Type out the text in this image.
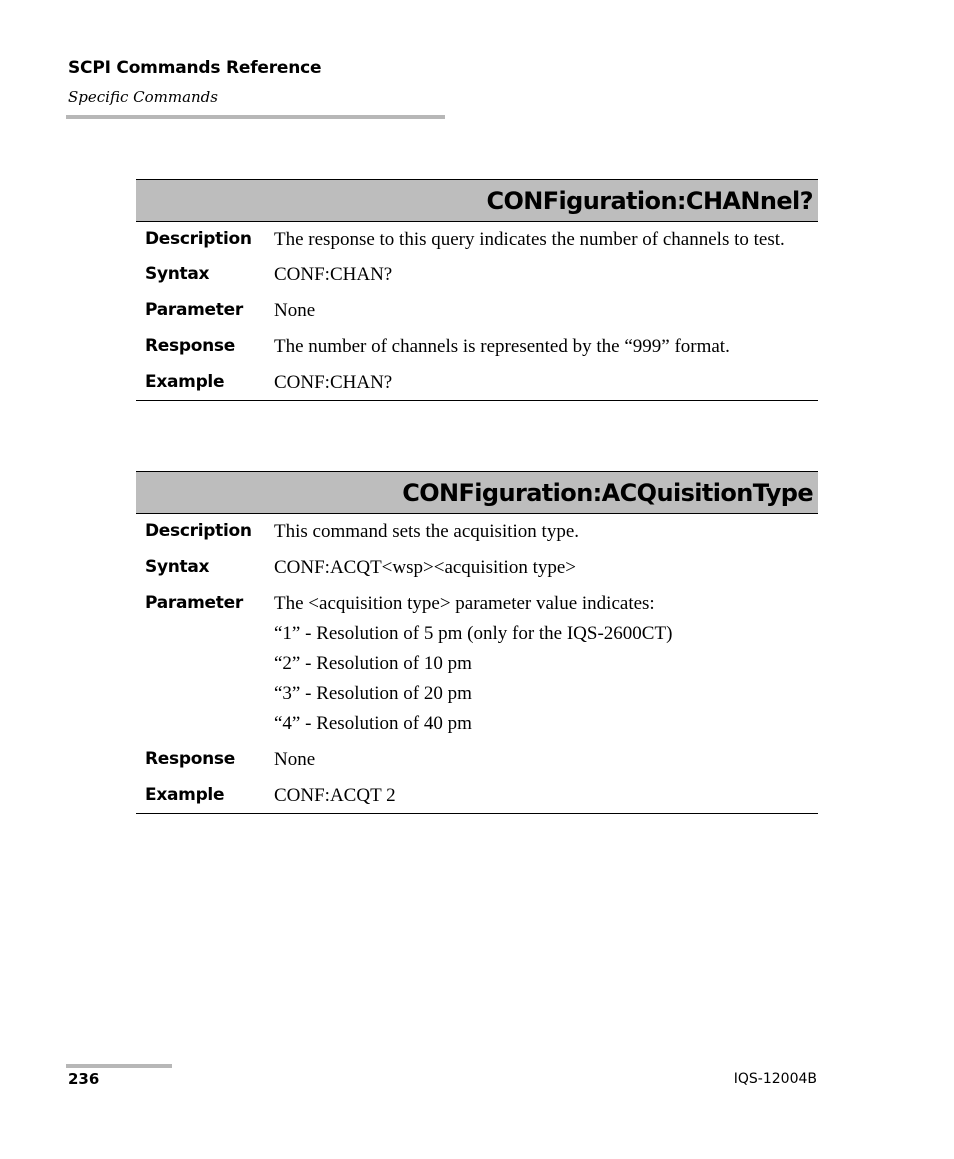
SCPI Commands Reference
Specific Commands
CONFiguration:CHANnel?
Description	The response to this query indicates the number of channels to test.
Syntax	CONF:CHAN?
Parameter	None
Response	The number of channels is represented by the “999” format.
Example	CONF:CHAN?
CONFiguration:ACQuisitionType
Description	This command sets the acquisition type.
Syntax	CONF:ACQT<wsp><acquisition type>
Parameter	The <acquisition type> parameter value indicates:
“1” - Resolution of 5 pm (only for the IQS-2600CT)
“2” - Resolution of 10 pm
“3” - Resolution of 20 pm
“4” - Resolution of 40 pm
Response	None
Example	CONF:ACQT 2
236	IQS-12004B
